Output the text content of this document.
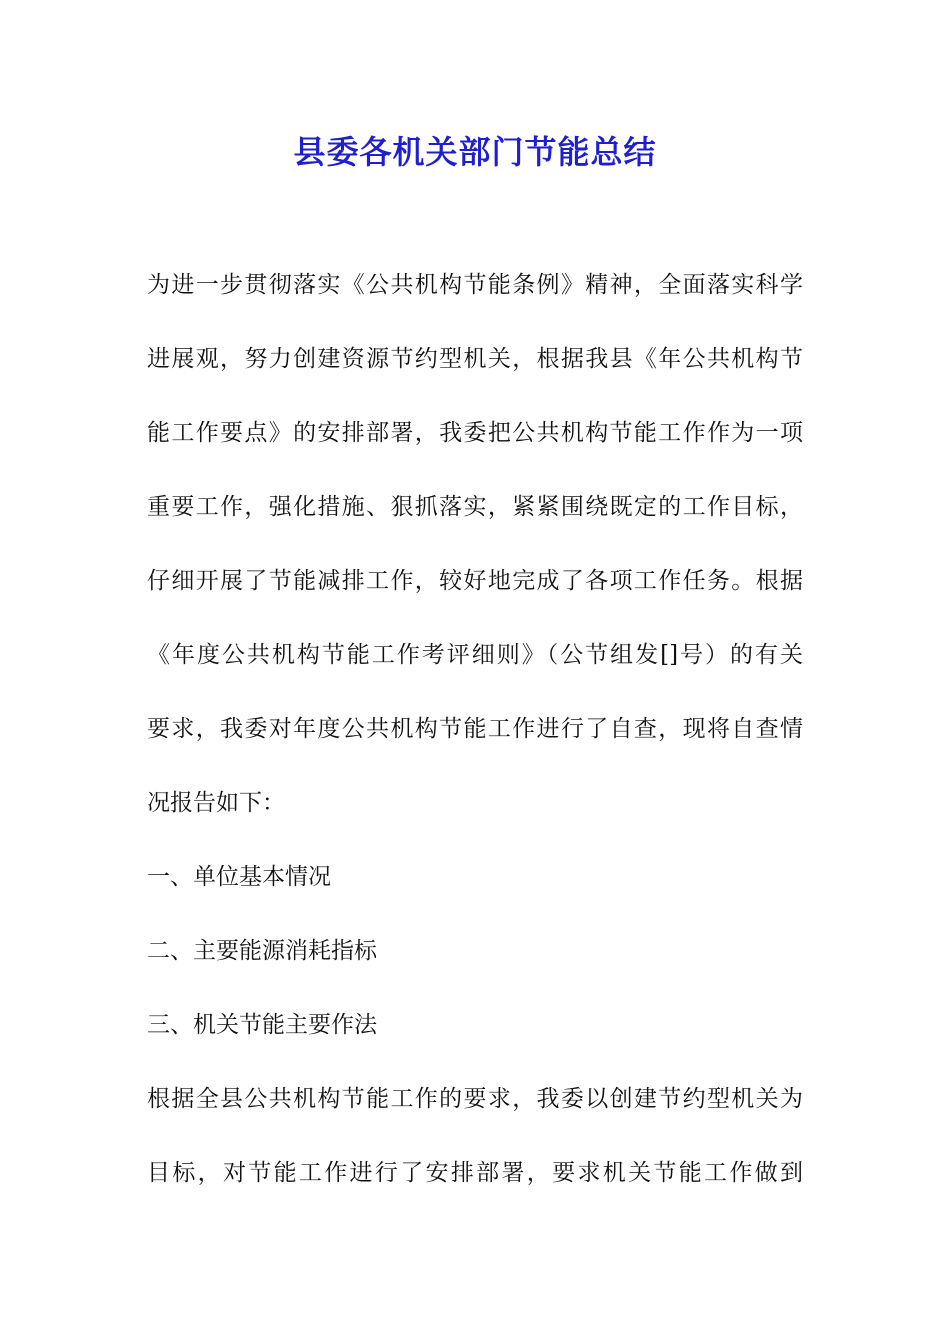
县委各机关部门节能总结
为进一步贯彻落实《公共机构节能条例》精神，全面落实科学
进展观，努力创建资源节约型机关，根据我县《年公共机构节
能工作要点》的安排部署，我委把公共机构节能工作作为一项
重要工作，强化措施、狠抓落实，紧紧围绕既定的工作目标，
仔细开展了节能减排工作，较好地完成了各项工作任务。根据
《年度公共机构节能工作考评细则》（公节组发[]号）的有关
要求，我委对年度公共机构节能工作进行了自查，现将自查情
况报告如下：
一、单位基本情况
二、主要能源消耗指标
三、机关节能主要作法
根据全县公共机构节能工作的要求，我委以创建节约型机关为
目标，对节能工作进行了安排部署，要求机关节能工作做到
